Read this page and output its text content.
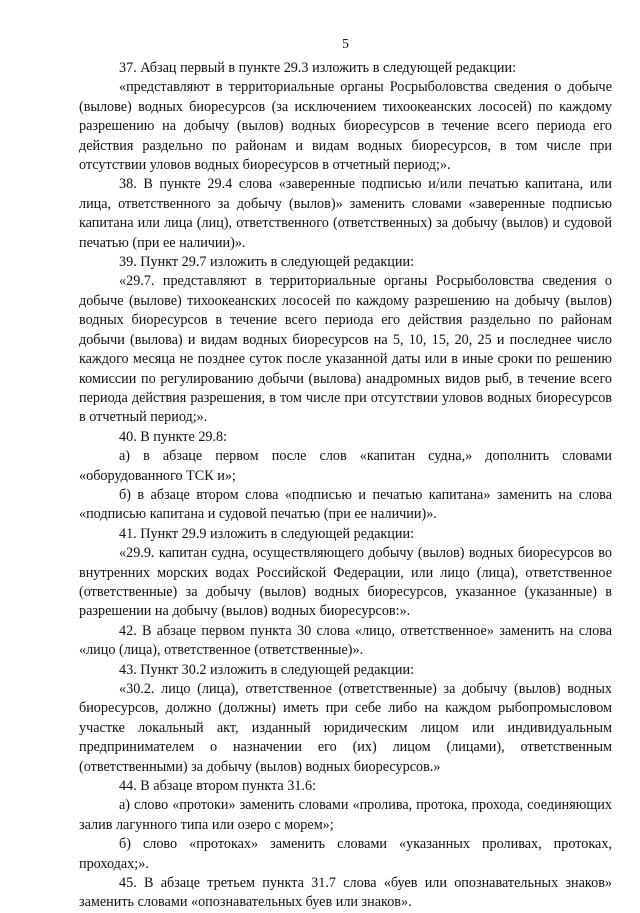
5

37. Абзац первый в пункте 29.3 изложить в следующей редакции:

«представляют в территориальные органы Росрыболовства сведения о добыче (вылове) водных биоресурсов (за исключением тихоокеанских лососей) по каждому разрешению на добычу (вылов) водных биоресурсов в течение всего периода его действия раздельно по районам и видам водных биоресурсов, в том числе при отсутствии уловов водных биоресурсов в отчетный период;».

38. В пункте 29.4 слова «заверенные подписью и/или печатью капитана, или лица, ответственного за добычу (вылов)» заменить словами «заверенные подписью капитана или лица (лиц), ответственного (ответственных) за добычу (вылов) и судовой печатью (при ее наличии)».

39. Пункт 29.7 изложить в следующей редакции:

«29.7. представляют в территориальные органы Росрыболовства сведения о добыче (вылове) тихоокеанских лососей по каждому разрешению на добычу (вылов) водных биоресурсов в течение всего периода его действия раздельно по районам добычи (вылова) и видам водных биоресурсов на 5, 10, 15, 20, 25 и последнее число каждого месяца не позднее суток после указанной даты или в иные сроки по решению комиссии по регулированию добычи (вылова) анадромных видов рыб, в течение всего периода действия разрешения, в том числе при отсутствии уловов водных биоресурсов в отчетный период;».

40. В пункте 29.8:

а) в абзаце первом после слов «капитан судна,» дополнить словами «оборудованного ТСК и»;

б) в абзаце втором слова «подписью и печатью капитана» заменить на слова «подписью капитана и судовой печатью (при ее наличии)».

41. Пункт 29.9 изложить в следующей редакции:

«29.9. капитан судна, осуществляющего добычу (вылов) водных биоресурсов во внутренних морских водах Российской Федерации, или лицо (лица), ответственное (ответственные) за добычу (вылов) водных биоресурсов, указанное (указанные) в разрешении на добычу (вылов) водных биоресурсов:».

42. В абзаце первом пункта 30 слова «лицо, ответственное» заменить на слова «лицо (лица), ответственное (ответственные)».

43. Пункт 30.2 изложить в следующей редакции:

«30.2. лицо (лица), ответственное (ответственные) за добычу (вылов) водных биоресурсов, должно (должны) иметь при себе либо на каждом рыбопромысловом участке локальный акт, изданный юридическим лицом или индивидуальным предпринимателем о назначении его (их) лицом (лицами), ответственным (ответственными) за добычу (вылов) водных биоресурсов.»

44. В абзаце втором пункта 31.6:

а) слово «протоки» заменить словами «пролива, протока, прохода, соединяющих залив лагунного типа или озеро с морем»;

б) слово «протоках» заменить словами «указанных проливах, протоках, проходах;».

45. В абзаце третьем пункта 31.7 слова «буев или опознавательных знаков» заменить словами «опознавательных буев или знаков».
